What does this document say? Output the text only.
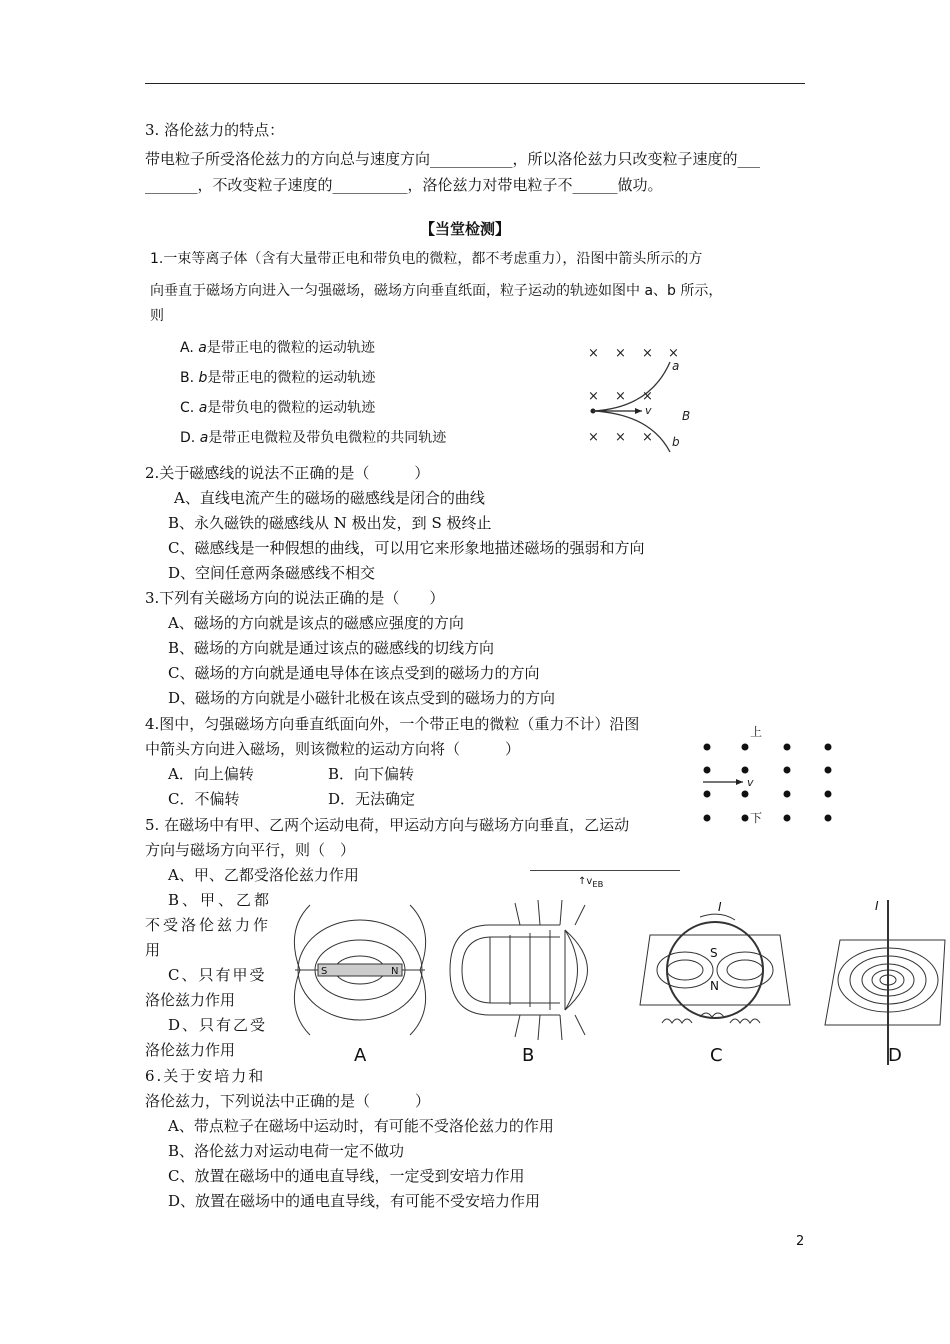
3. 洛伦兹力的特点：
带电粒子所受洛伦兹力的方向总与速度方向___________，所以洛伦兹力只改变粒子速度的___
_______，不改变粒子速度的__________，洛伦兹力对带电粒子不______做功。
【当堂检测】
1.一束等离子体（含有大量带正电和带负电的微粒，都不考虑重力），沿图中箭头所示的方
向垂直于磁场方向进入一匀强磁场，磁场方向垂直纸面，粒子运动的轨迹如图中 a、b 所示，
则
A. a是带正电的微粒的运动轨迹
B. b是带正电的微粒的运动轨迹
C. a是带负电的微粒的运动轨迹
D. a是带正电微粒及带负电微粒的共同轨迹
× × × ×
× × ×
× × ×
a
b
v	B
2.关于磁感线的说法不正确的是（　　　）
A、直线电流产生的磁场的磁感线是闭合的曲线
B、永久磁铁的磁感线从 N 极出发，到 S 极终止
C、磁感线是一种假想的曲线，可以用它来形象地描述磁场的强弱和方向
D、空间任意两条磁感线不相交
3.下列有关磁场方向的说法正确的是（　　）
A、磁场的方向就是该点的磁感应强度的方向
B、磁场的方向就是通过该点的磁感线的切线方向
C、磁场的方向就是通电导体在该点受到的磁场力的方向
D、磁场的方向就是小磁针北极在该点受到的磁场力的方向
4.图中，匀强磁场方向垂直纸面向外，一个带正电的微粒（重力不计）沿图
中箭头方向进入磁场，则该微粒的运动方向将（　　　）
A．向上偏转	B．向下偏转
C．不偏转	D．无法确定
上
下
v
5. 在磁场中有甲、乙两个运动电荷，甲运动方向与磁场方向垂直，乙运动
方向与磁场方向平行，则（　）
A、甲、乙都受洛伦兹力作用
B、甲、乙都
不受洛伦兹力作
用
C、只有甲受
洛伦兹力作用
D、只有乙受
洛伦兹力作用
$↑v_{EB}$
S	N
S
N
I	I
A	B	C	D
6.关于安培力和
洛伦兹力，下列说法中正确的是（　　　）
A、带点粒子在磁场中运动时，有可能不受洛伦兹力的作用
B、洛伦兹力对运动电荷一定不做功
C、放置在磁场中的通电直导线，一定受到安培力作用
D、放置在磁场中的通电直导线，有可能不受安培力作用
2
